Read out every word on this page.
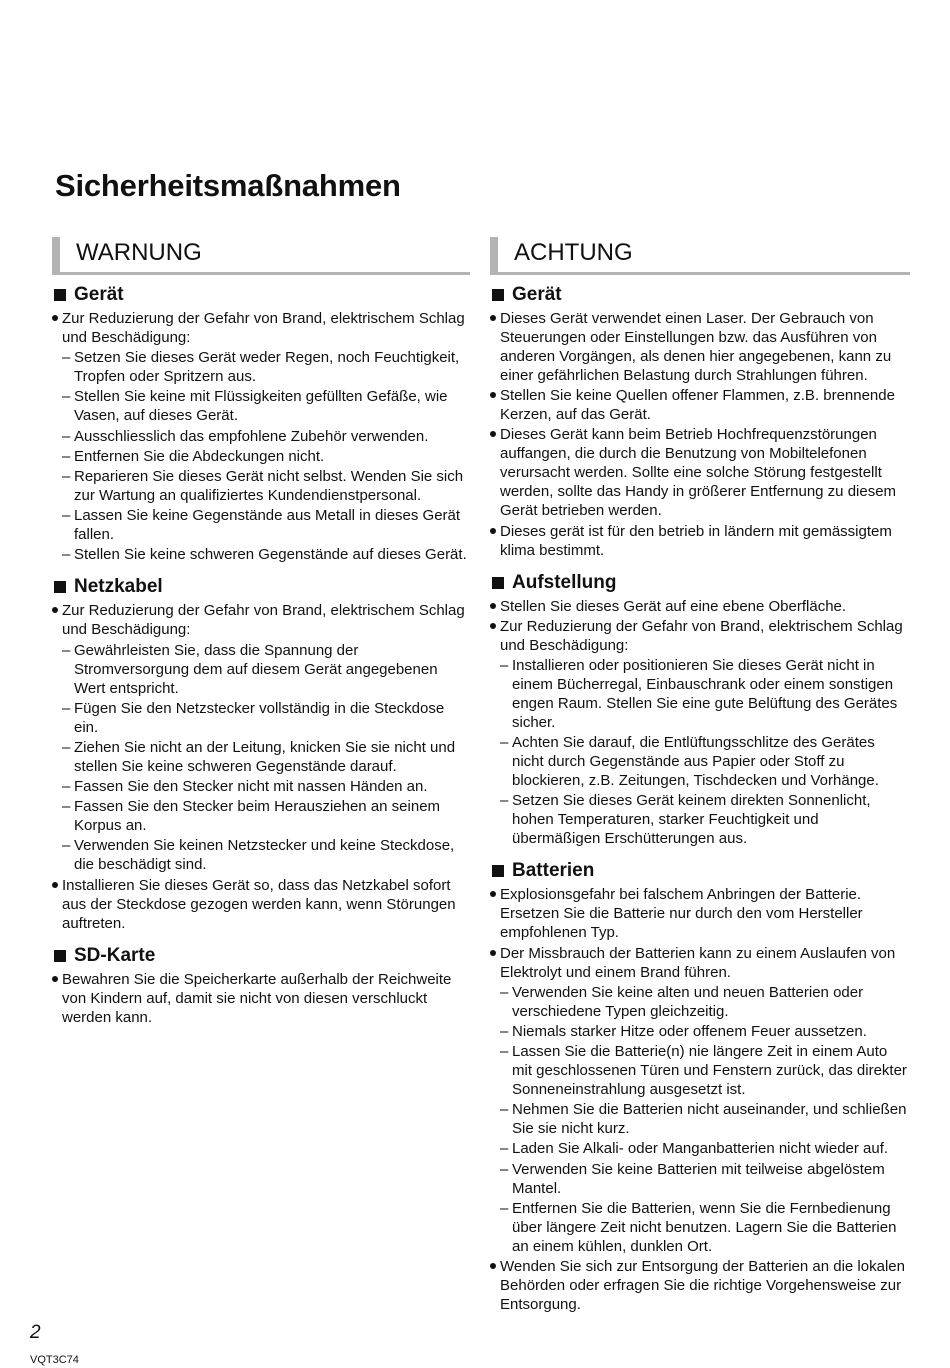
Sicherheitsmaßnahmen
WARNUNG
Gerät
Zur Reduzierung der Gefahr von Brand, elektrischem Schlag und Beschädigung:
– Setzen Sie dieses Gerät weder Regen, noch Feuchtigkeit, Tropfen oder Spritzern aus.
– Stellen Sie keine mit Flüssigkeiten gefüllten Gefäße, wie Vasen, auf dieses Gerät.
– Ausschliesslich das empfohlene Zubehör verwenden.
– Entfernen Sie die Abdeckungen nicht.
– Reparieren Sie dieses Gerät nicht selbst. Wenden Sie sich zur Wartung an qualifiziertes Kundendienstpersonal.
– Lassen Sie keine Gegenstände aus Metall in dieses Gerät fallen.
– Stellen Sie keine schweren Gegenstände auf dieses Gerät.
Netzkabel
Zur Reduzierung der Gefahr von Brand, elektrischem Schlag und Beschädigung:
– Gewährleisten Sie, dass die Spannung der Stromversorgung dem auf diesem Gerät angegebenen Wert entspricht.
– Fügen Sie den Netzstecker vollständig in die Steckdose ein.
– Ziehen Sie nicht an der Leitung, knicken Sie sie nicht und stellen Sie keine schweren Gegenstände darauf.
– Fassen Sie den Stecker nicht mit nassen Händen an.
– Fassen Sie den Stecker beim Herausziehen an seinem Korpus an.
– Verwenden Sie keinen Netzstecker und keine Steckdose, die beschädigt sind.
Installieren Sie dieses Gerät so, dass das Netzkabel sofort aus der Steckdose gezogen werden kann, wenn Störungen auftreten.
SD-Karte
Bewahren Sie die Speicherkarte außerhalb der Reichweite von Kindern auf, damit sie nicht von diesen verschluckt werden kann.
ACHTUNG
Gerät
Dieses Gerät verwendet einen Laser. Der Gebrauch von Steuerungen oder Einstellungen bzw. das Ausführen von anderen Vorgängen, als denen hier angegebenen, kann zu einer gefährlichen Belastung durch Strahlungen führen.
Stellen Sie keine Quellen offener Flammen, z.B. brennende Kerzen, auf das Gerät.
Dieses Gerät kann beim Betrieb Hochfrequenzstörungen auffangen, die durch die Benutzung von Mobiltelefonen verursacht werden. Sollte eine solche Störung festgestellt werden, sollte das Handy in größerer Entfernung zu diesem Gerät betrieben werden.
Dieses gerät ist für den betrieb in ländern mit gemässigtem klima bestimmt.
Aufstellung
Stellen Sie dieses Gerät auf eine ebene Oberfläche.
Zur Reduzierung der Gefahr von Brand, elektrischem Schlag und Beschädigung:
– Installieren oder positionieren Sie dieses Gerät nicht in einem Bücherregal, Einbauschrank oder einem sonstigen engen Raum. Stellen Sie eine gute Belüftung des Gerätes sicher.
– Achten Sie darauf, die Entlüftungsschlitze des Gerätes nicht durch Gegenstände aus Papier oder Stoff zu blockieren, z.B. Zeitungen, Tischdecken und Vorhänge.
– Setzen Sie dieses Gerät keinem direkten Sonnenlicht, hohen Temperaturen, starker Feuchtigkeit und übermäßigen Erschütterungen aus.
Batterien
Explosionsgefahr bei falschem Anbringen der Batterie. Ersetzen Sie die Batterie nur durch den vom Hersteller empfohlenen Typ.
Der Missbrauch der Batterien kann zu einem Auslaufen von Elektrolyt und einem Brand führen.
– Verwenden Sie keine alten und neuen Batterien oder verschiedene Typen gleichzeitig.
– Niemals starker Hitze oder offenem Feuer aussetzen.
– Lassen Sie die Batterie(n) nie längere Zeit in einem Auto mit geschlossenen Türen und Fenstern zurück, das direkter Sonneneinstrahlung ausgesetzt ist.
– Nehmen Sie die Batterien nicht auseinander, und schließen Sie sie nicht kurz.
– Laden Sie Alkali- oder Manganbatterien nicht wieder auf.
– Verwenden Sie keine Batterien mit teilweise abgelöstem Mantel.
– Entfernen Sie die Batterien, wenn Sie die Fernbedienung über längere Zeit nicht benutzen. Lagern Sie die Batterien an einem kühlen, dunklen Ort.
Wenden Sie sich zur Entsorgung der Batterien an die lokalen Behörden oder erfragen Sie die richtige Vorgehensweise zur Entsorgung.
2
VQT3C74
